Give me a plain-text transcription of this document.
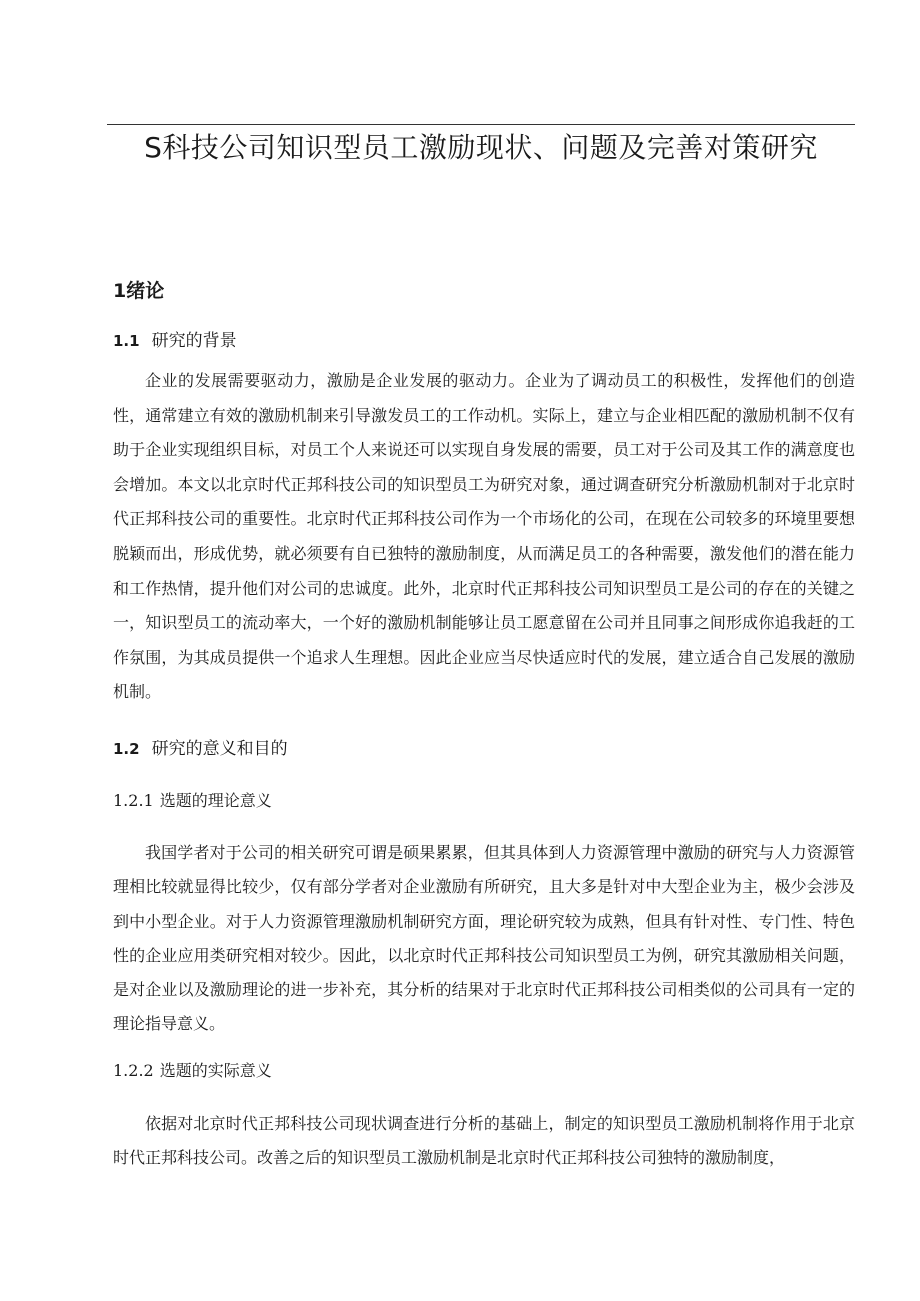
S科技公司知识型员工激励现状、问题及完善对策研究
1绪论
1.1 研究的背景

企业的发展需要驱动力，激励是企业发展的驱动力。企业为了调动员工的积极性，发挥他们的创造性，通常建立有效的激励机制来引导激发员工的工作动机。实际上，建立与企业相匹配的激励机制不仅有助于企业实现组织目标，对员工个人来说还可以实现自身发展的需要，员工对于公司及其工作的满意度也会增加。本文以北京时代正邦科技公司的知识型员工为研究对象，通过调查研究分析激励机制对于北京时代正邦科技公司的重要性。北京时代正邦科技公司作为一个市场化的公司，在现在公司较多的环境里要想脱颖而出，形成优势，就必须要有自已独特的激励制度，从而满足员工的各种需要，激发他们的潜在能力和工作热情，提升他们对公司的忠诚度。此外，北京时代正邦科技公司知识型员工是公司的存在的关键之一，知识型员工的流动率大，一个好的激励机制能够让员工愿意留在公司并且同事之间形成你追我赶的工作氛围，为其成员提供一个追求人生理想。因此企业应当尽快适应时代的发展，建立适合自己发展的激励机制。

1.2 研究的意义和目的
1.2.1 选题的理论意义

我国学者对于公司的相关研究可谓是硕果累累，但其具体到人力资源管理中激励的研究与人力资源管理相比较就显得比较少，仅有部分学者对企业激励有所研究，且大多是针对中大型企业为主，极少会涉及到中小型企业。对于人力资源管理激励机制研究方面，理论研究较为成熟，但具有针对性、专门性、特色性的企业应用类研究相对较少。因此，以北京时代正邦科技公司知识型员工为例，研究其激励相关问题，是对企业以及激励理论的进一步补充，其分析的结果对于北京时代正邦科技公司相类似的公司具有一定的理论指导意义。

1.2.2 选题的实际意义

依据对北京时代正邦科技公司现状调查进行分析的基础上，制定的知识型员工激励机制将作用于北京时代正邦科技公司。改善之后的知识型员工激励机制是北京时代正邦科技公司独特的激励制度，
